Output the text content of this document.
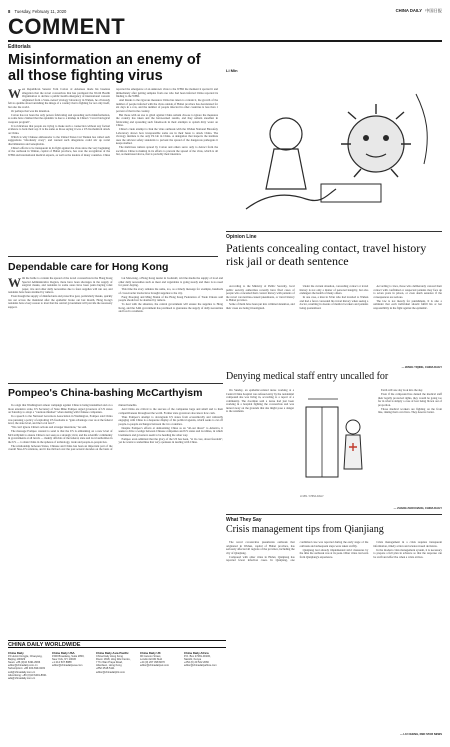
8 Tuesday, February 11, 2020	CHINA DAILY 中国日报
COMMENT
Editorials
Misinformation an enemy of all those fighting virus

West Republican Senator Tom Cotton of Arkansas made his baseless allegation that the novel coronavirus that has prompted the World Health Organization to declare a public health emergency of international concern originated from a State-owned virology laboratory in Wuhan, he obviously felt no qualms about tarnishing the image of a country that is fighting for not only itself, but also the world.

Or perhaps that was his intention.

Cotton has not been the only person fabricating and spreading such misinformation, as some have claimed that the epidemic is due to a mishap in China's "covert biological weapons program".

It is ridiculous that people are trying to make such a connection without any factual evidence to back their say. It is the same as those saying it was a US biochemical attack on China.

Which is why Chinese ambassador to the United States Cui Tiankai has called such suggestions "absolutely crazy", and warned such allegations could stir up racial discrimination and xenophobia.

China's efforts to be transparent in its fight against the virus since the very beginning of the outbreak in Wuhan, capital of Hubei province, has won the recognition of the WHO and international medical experts, as well as the leaders of many countries. China reported the emergence of an unknown virus to the WHO the moment it spotted it and immediately after getting samples from one who had been infected China reported its finding to the WHO.

And thanks to the rigorous measures China has taken to contain it, the growth of the number of people infected with the virus outside of Hubei province has decelerated for six days in a row, and the number of people infected in other countries is less than 1 percent of that in the country.

But those with an axe to grind against China remain choose to ignore the measures the country has taken and the hard-earned results, and they remain steadfast in fabricating and spreading such falsehoods in their attempts to splash dirty water on China.

China's crude attempt to link the virus outbreak with the Wuhan National Biosafety Laboratory shows how irresponsible some are in their haste to attack China. The virology institute is the only P4 lab in China. A delegation that inspects the institute uses the strictest safety standards to prevent the spread of the dangerous pathogens it keeps studied.

The malicious rumors spread by Cotton and others serve only to detract from the sacrifices China is making in its efforts to prevent the spread of the virus, which is all but, as mentioned above, that is probably their intention.

Li Min
Dependable care for Hong Kong

With the battle to contain the spread of the novel coronavirus in the Hong Kong Special Administrative Region, there have been shortages in the supply of surgical masks, and residents in some areas have been panic-buying toilet paper, rice and other daily necessities due to fears supplies will run out, and residents have been alarmed by rumors.

Even though the supply of disinfectants and protective gear, particularly masks, quickly ran out across the mainland after the epidemic broke out last month, Hong Kong's residents have every reason to trust that the central government will provide the necessary support.

Lai Man-fung, a Hong Kong dealer in foodstuff, told the media the supply of food and other daily necessities such as meat and vegetables is going steady and there is no need for panic-buying.

This time the story remains the same, too, as a timely message for example, hundreds of cross-border trucks have brought supplies to the city.

Fang Xiaoping and Ming Shuiai of the Hong Kong Federation of Trade Unions said people should not be alarmed by rumors.

To deal with the situation, the central government will ensure the supplies to Hong Kong, and the SAR government has promised to guarantee the supply of daily necessities and food to residents.

Pompeo's China-bashing McCarthyism

In a sign that Washington's smear campaign against China is being intensified and on a more extensive scale, US Secretary of State Mike Pompeo urged governors of US states on Saturday to adopt a "cautious mindset" when dealing with Chinese companies.

In a speech to the National Governors Association in Washington, Pompeo said China was pursuing a policy of exploiting US freedoms to "gain advantage over us at the federal level, the state level, and the local level".

"We can't ignore China's actions and stronger intentions," he said.

The message Pompeo wanted to send is that the US is embarking on a new level of McCarthyism to ensure China is not seen as a strategic rival, and the scientific community in governments at all levels — mainly officials of the federal, state and local authorities in the US — to shun China in the spheres of technology, trade and people-to-people ties.

The relationship between States, Chinese and China has been an important part of the overall Sino-US relations, and it has thrived over the past several decades on the basis of mutual benefits.

And China are critical to the success of the companies large and small and to their competitiveness throughout the world. Former state governors also know how cash.

Thus Pompeo's attempt to downgrade US states from economically and culturally engaging with China is a desperate display of his political agenda, which seeks to cut off people-to-people exchanges between the two countries.

Despite Pompeo's efforts at demonizing China as an "all-out threat" to America, it seeks to drive a wedge between Chinese companies and US states and localities, in which lawmakers and governors seem to be heading the other way.

Pompeo even admitted that the glory of the US has been, "at its core, about freedom", yet he wants to undermine that very openness in dealing with China.

Opinion Line
Patients concealing contact, travel history risk jail or death sentence

According to the Ministry of Public Security, local public security authorities recently have filed cases of people who concealed their contact history with patients of the novel coronavirus-caused pneumonia, or travel history to Hubei province.

Some of them have been put into criminal detention, and their cases are being investigated.

Under the current situation, concealing contact or travel history is not only a matter of personal integrity, but also endangers the health of many others.

In one case, a man in Xi'an who had traveled to Wuhan and had a fever concealed his travel history when seeing a doctor, resulting in dozens of medical workers and patients being quarantined.

According to laws, those who deliberately conceal their contact with confirmed or suspected patients may face up to seven years in prison, or even death sentence if the consequences are serious.

The law is not merely for punishment. It is also a reminder that each individual should fulfill his or her responsibility in the fight against the epidemic.

— WANG YIQING, CHINA DAILY
Denying medical staff entry uncalled for

On Sunday, an epidemic-related nurse working at a Central China hospital was refused entry by the residential compound she was living in, according to a report of a community. The doorman said a nurse had just been working in a hospital fighting the coronavirus and was turned away on the grounds that she might pose a danger to the residents.

LI MIN / CHINA DAILY

Earth will one day look into the sky.

Even if the compound has denied the medical staff their legally protected rights, they would be going too far in what is simply a case of fear being blown out of proportion.

Those medical workers are fighting on the front line, risking their own lives. They deserve better.

— ZHANG ZHOUXIANG, CHINA DAILY
What They Say
Crisis management tips from Qianjiang

The novel coronavirus pneumonia outbreak that originated in Wuhan, capital of Hubei province, has seriously affected all regions of the province, including the city of Qianjiang.

Compared with other cities in Hubei, Qianjiang has reported fewer infection cases. In Qianjiang, one confirmed case was reported during the early stage of the outbreak and subsequent steps were taken swiftly.

Qianjiang had already implemented strict measures by the time the outbreak was at its peak. Other cities can learn from Qianjiang's experience.

Crisis management in a crisis requires transparent information, timely action and science-based decisions.

In the modern crisis management system, it is necessary to prepare a full plan in advance so that the response can be swift and effective when a crisis arrives.

— LIU CHENG, RED STAR NEWS
CHINA DAILY WORLDWIDE
China Daily
15 Huixin Dongjie, Chaoyang,
Beijing 100029
News: +86 (0)10 6491-8366
editor@chinadaily.com.cn
Subscription: +86 400-699-0203
sub@chinadaily.com.cn
Advertising: +86 (0)10 6491-8631
ads@chinadaily.com.cn
China Daily USA
1500 Broadway, Suite 2800,
New York, NY 10036
+1 212 537 8888
editor@chinadailyusa.com
China Daily Asia Pacific
China Daily Hong Kong
Room 1818, Hing Wai Centre,
7 Tin Wan Praya Road,
Aberdeen, Hong Kong
+852 2518 5111
editor@chinadailyhk.com
China Daily UK
90 Cannon Street,
London EC4N 6HA
+44 (0) 207 398 8270
editor@chinadailyuk.com
China Daily Africa
P.O. Box 27281-00100,
Nairobi, Kenya
+254 (0) 20 522 2066
editor@chinadailyafrica.com
